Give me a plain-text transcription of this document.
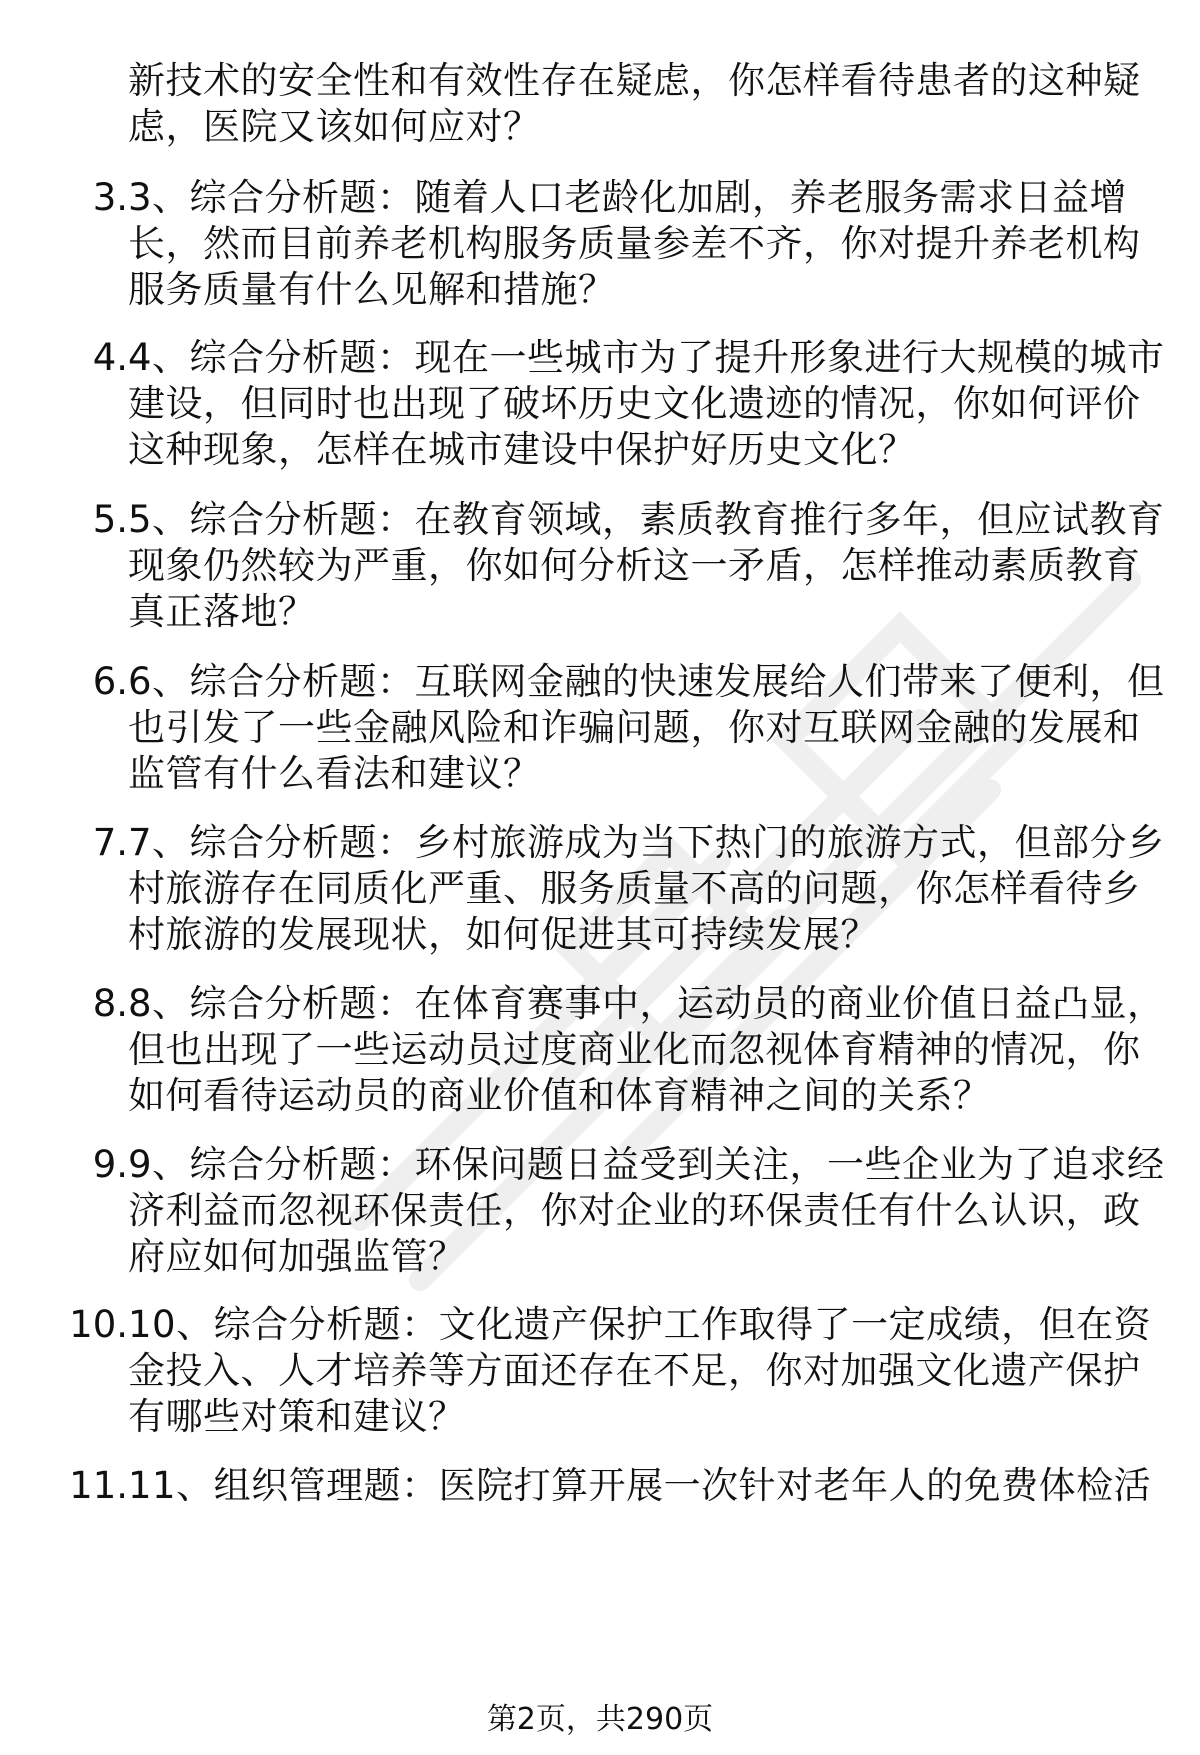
新技术的安全性和有效性存在疑虑，你怎样看待患者的这种疑虑，医院又该如何应对？

3. 3、综合分析题：随着人口老龄化加剧，养老服务需求日益增长，然而目前养老机构服务质量参差不齐，你对提升养老机构服务质量有什么见解和措施？

4. 4、综合分析题：现在一些城市为了提升形象进行大规模的城市建设，但同时也出现了破坏历史文化遗迹的情况，你如何评价这种现象，怎样在城市建设中保护好历史文化？

5. 5、综合分析题：在教育领域，素质教育推行多年，但应试教育现象仍然较为严重，你如何分析这一矛盾，怎样推动素质教育真正落地？

6. 6、综合分析题：互联网金融的快速发展给人们带来了便利，但也引发了一些金融风险和诈骗问题，你对互联网金融的发展和监管有什么看法和建议？

7. 7、综合分析题：乡村旅游成为当下热门的旅游方式，但部分乡村旅游存在同质化严重、服务质量不高的问题，你怎样看待乡村旅游的发展现状，如何促进其可持续发展？

8. 8、综合分析题：在体育赛事中，运动员的商业价值日益凸显，但也出现了一些运动员过度商业化而忽视体育精神的情况，你如何看待运动员的商业价值和体育精神之间的关系？

9. 9、综合分析题：环保问题日益受到关注，一些企业为了追求经济利益而忽视环保责任，你对企业的环保责任有什么认识，政府应如何加强监管？

10. 10、综合分析题：文化遗产保护工作取得了一定成绩，但在资金投入、人才培养等方面还存在不足，你对加强文化遗产保护有哪些对策和建议？

11. 11、组织管理题：医院打算开展一次针对老年人的免费体检活

第2页，共290页
